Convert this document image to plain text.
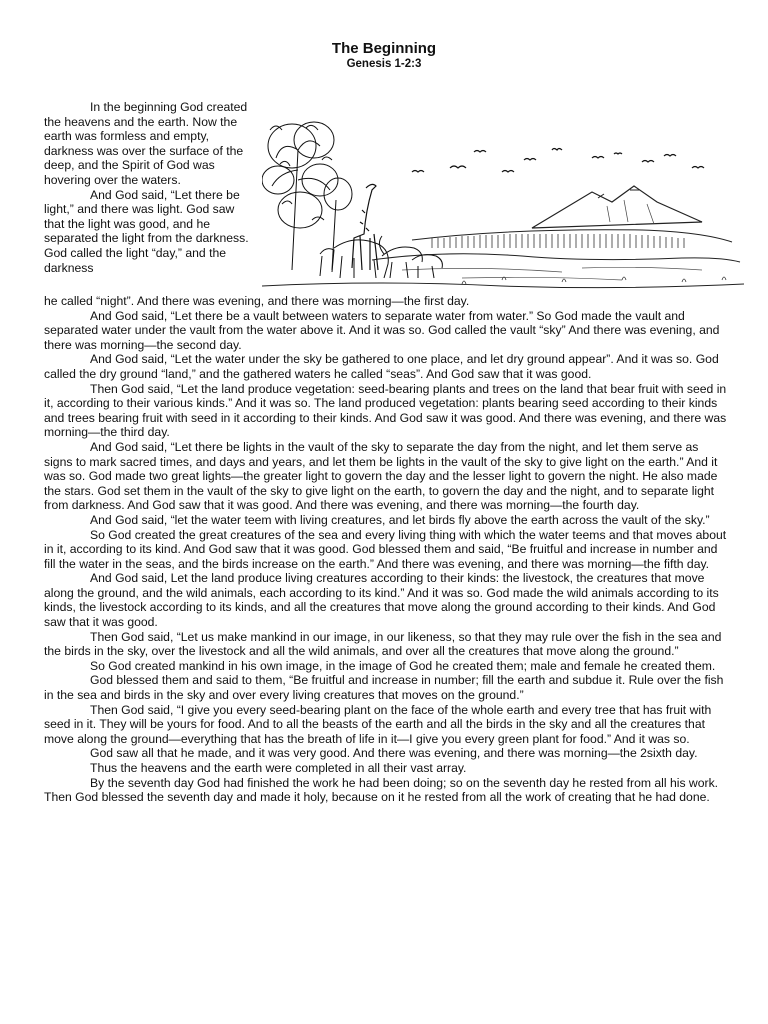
The Beginning
Genesis 1-2:3

In the beginning God created the heavens and the earth. Now the earth was formless and empty, darkness was over the surface of the deep, and the Spirit of God was hovering over the waters.

And God said, “Let there be light,” and there was light. God saw that the light was good, and he separated the light from the darkness. God called the light “day,” and the darkness

he called “night”. And there was evening, and there was morning—the first day.

And God said, “Let there be a vault between waters to separate water from water.” So God made the vault and separated water under the vault from the water above it. And it was so. God called the vault “sky” And there was evening, and there was morning—the second day.

And God said, “Let the water under the sky be gathered to one place, and let dry ground appear”. And it was so. God called the dry ground “land,” and the gathered waters he called “seas”. And God saw that it was good.

Then God said, “Let the land produce vegetation: seed-bearing plants and trees on the land that bear fruit with seed in it, according to their various kinds.” And it was so. The land produced vegetation: plants bearing seed according to their kinds and trees bearing fruit with seed in it according to their kinds. And God saw it was good. And there was evening, and there was morning—the third day.

And God said, “Let there be lights in the vault of the sky to separate the day from the night, and let them serve as signs to mark sacred times, and days and years, and let them be lights in the vault of the sky to give light on the earth.” And it was so. God made two great lights—the greater light to govern the day and the lesser light to govern the night. He also made the stars. God set them in the vault of the sky to give light on the earth, to govern the day and the night, and to separate light from darkness. And God saw that it was good. And there was evening, and there was morning—the fourth day.

And God said, “let the water teem with living creatures, and let birds fly above the earth across the vault of the sky.”

So God created the great creatures of the sea and every living thing with which the water teems and that moves about in it, according to its kind. And God saw that it was good. God blessed them and said, “Be fruitful and increase in number and fill the water in the seas, and the birds increase on the earth.” And there was evening, and there was morning—the fifth day.

And God said, Let the land produce living creatures according to their kinds: the livestock, the creatures that move along the ground, and the wild animals, each according to its kind.” And it was so. God made the wild animals according to its kinds, the livestock according to its kinds, and all the creatures that move along the ground according to their kinds. And God saw that it was good.

Then God said, “Let us make mankind in our image, in our likeness, so that they may rule over the fish in the sea and the birds in the sky, over the livestock and all the wild animals, and over all the creatures that move along the ground.”

So God created mankind in his own image, in the image of God he created them; male and female he created them.

God blessed them and said to them, “Be fruitful and increase in number; fill the earth and subdue it. Rule over the fish in the sea and birds in the sky and over every living creatures that moves on the ground.”

Then God said, “I give you every seed-bearing plant on the face of the whole earth and every tree that has fruit with seed in it. They will be yours for food. And to all the beasts of the earth and all the birds in the sky and all the creatures that move along the ground—everything that has the breath of life in it—I give you every green plant for food.” And it was so.

God saw all that he made, and it was very good. And there was evening, and there was morning—the 2sixth day.

Thus the heavens and the earth were completed in all their vast array.

By the seventh day God had finished the work he had been doing; so on the seventh day he rested from all his work. Then God blessed the seventh day and made it holy, because on it he rested from all the work of creating that he had done.
